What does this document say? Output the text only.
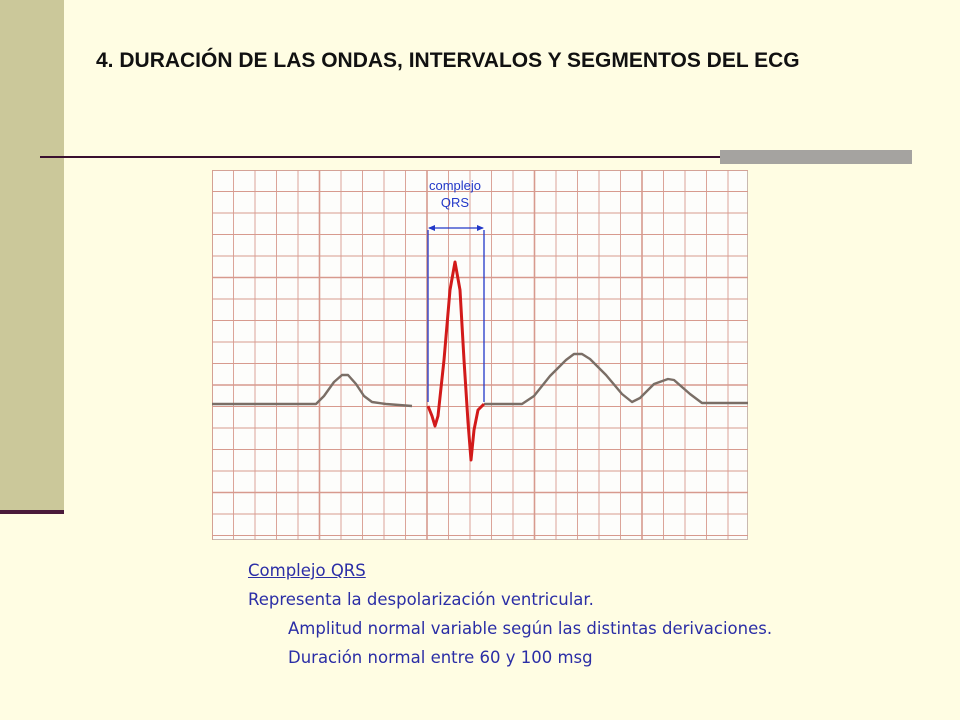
4. DURACIÓN DE LAS ONDAS, INTERVALOS Y SEGMENTOS DEL ECG
complejo
QRS
Complejo QRS
Representa la despolarización ventricular.
Amplitud normal variable según las distintas derivaciones.
Duración normal entre 60 y 100 msg
